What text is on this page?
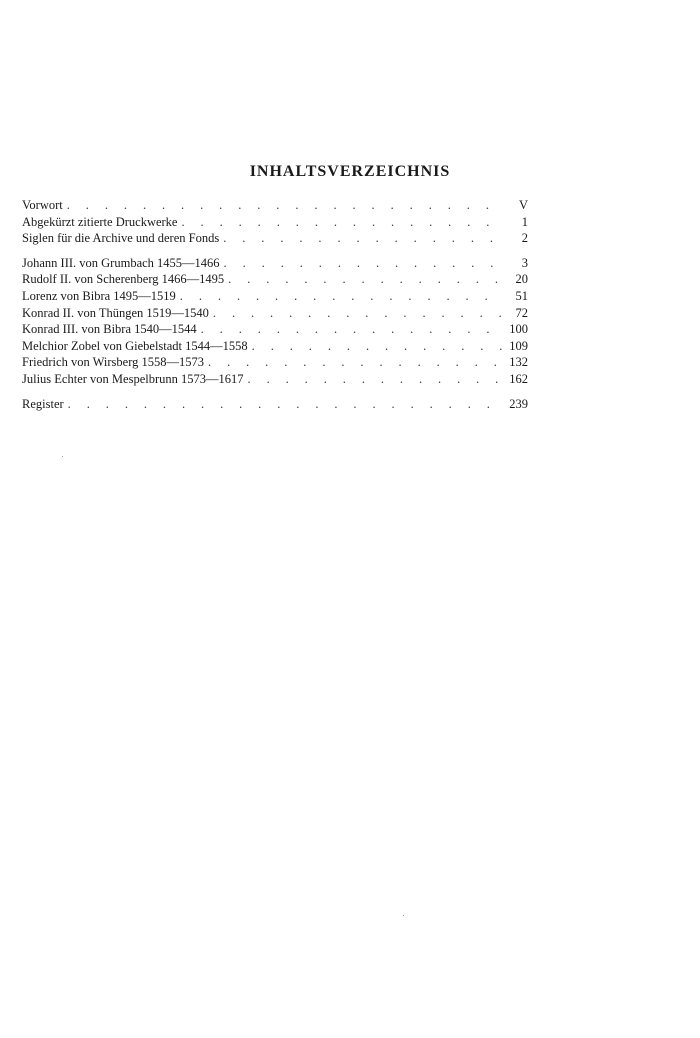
INHALTSVERZEICHNIS
Vorwort . . .	V
Abgekürzt zitierte Druckwerke . . .	1
Siglen für die Archive und deren Fonds . . .	2
Johann III. von Grumbach 1455—1466 . . .	3
Rudolf II. von Scherenberg 1466—1495 . . .	20
Lorenz von Bibra 1495—1519 . . .	51
Konrad II. von Thüngen 1519—1540 . . .	72
Konrad III. von Bibra 1540—1544 . . .	100
Melchior Zobel von Giebelstadt 1544—1558 . . .	109
Friedrich von Wirsberg 1558—1573 . . .	132
Julius Echter von Mespelbrunn 1573—1617 . . .	162
Register . . .	239
